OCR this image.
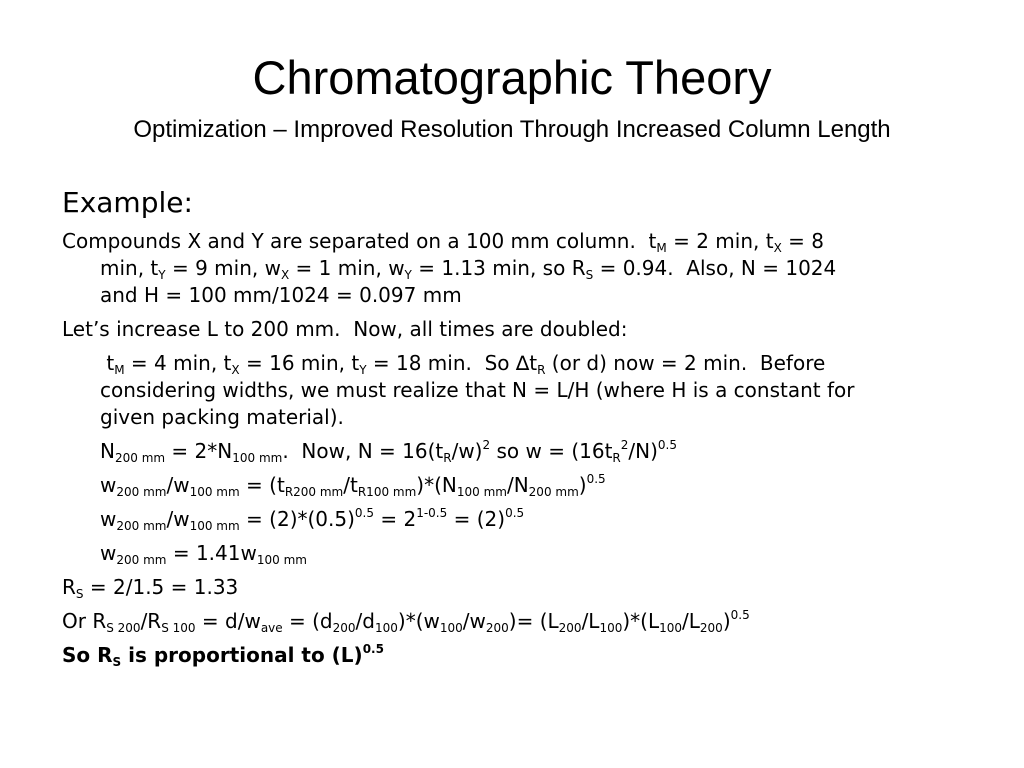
Chromatographic Theory
Optimization – Improved Resolution Through Increased Column Length
Example:
Compounds X and Y are separated on a 100 mm column.  $t_M = 2$ min, $t_X = 8$
min, $t_Y = 9$ min, $w_X = 1$ min, $w_Y = 1.13$ min, so $R_S = 0.94$.  Also, N = 1024
and H = 100 mm/1024 = 0.097 mm
Let’s increase L to 200 mm.  Now, all times are doubled:
$t_M = 4$ min, $t_X = 16$ min, $t_Y = 18$ min.  So $\Delta t_R$ (or d) now = 2 min.  Before
considering widths, we must realize that N = L/H (where H is a constant for
given packing material).
$N_{200 mm} = 2*N_{100 mm}$.  Now, $N = 16(t_R/w)^2$ so $w = (16t_R^2/N)^{0.5}$
$w_{200 mm}/w_{100 mm} = (t_{R200 mm}/t_{R100 mm})*(N_{100 mm}/N_{200 mm})^{0.5}$
$w_{200 mm}/w_{100 mm} = (2)*(0.5)^{0.5} = 2^{1-0.5} = (2)^{0.5}$
$w_{200 mm} = 1.41w_{100 mm}$
$R_S = 2/1.5 = 1.33$
Or $R_{S 200}/R_{S 100} = d/w_{ave} = (d_{200}/d_{100})*(w_{100}/w_{200})= (L_{200}/L_{100})*(L_{100}/L_{200})^{0.5}$
So $R_S$ is proportional to $(L)^{0.5}$
